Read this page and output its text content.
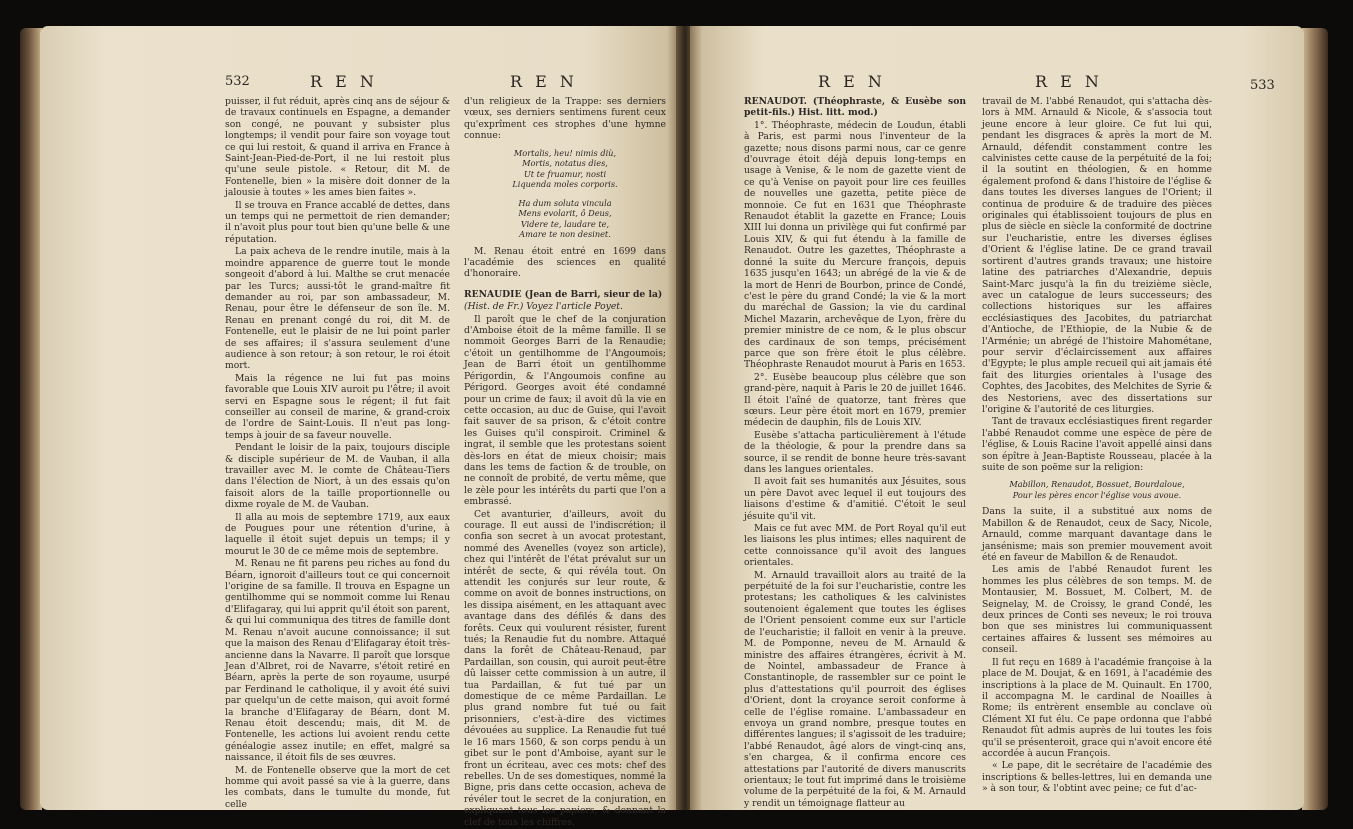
532	R E N	R E N

puisser, il fut réduit, après cinq ans de séjour & de travaux continuels en Espagne, a demander son congé, ne pouvant y subsister plus longtemps; il vendit pour faire son voyage tout ce qui lui restoit, & quand il arriva en France à Saint-Jean-Pied-de-Port, il ne lui restoit plus qu'une seule pistole. « Retour, dit M. de Fontenelle, bien » la misère doit donner de la jalousie à toutes » les ames bien faites ».

Il se trouva en France accablé de dettes, dans un temps qui ne permettoit de rien demander; il n'avoit plus pour tout bien qu'une belle & une réputation.

La paix acheva de le rendre inutile, mais à la moindre apparence de guerre tout le monde songeoit d'abord à lui. Malthe se crut menacée par les Turcs; aussi-tôt le grand-maître fit demander au roi, par son ambassadeur, M. Renau, pour être le défenseur de son île. M. Renau en prenant congé du roi, dit M. de Fontenelle, eut le plaisir de ne lui point parler de ses affaires; il s'assura seulement d'une audience à son retour; à son retour, le roi étoit mort.

Mais la régence ne lui fut pas moins favorable que Louis XIV auroit pu l'être; il avoit servi en Espagne sous le régent; il fut fait conseiller au conseil de marine, & grand-croix de l'ordre de Saint-Louis. Il n'eut pas long-temps à jouir de sa faveur nouvelle.

Pendant le loisir de la paix, toujours disciple & disciple supérieur de M. de Vauban, il alla travailler avec M. le comte de Château-Tiers dans l'élection de Niort, à un des essais qu'on faisoit alors de la taille proportionnelle ou dixme royale de M. de Vauban.

Il alla au mois de septembre 1719, aux eaux de Pougues pour une rétention d'urine, à laquelle il étoit sujet depuis un temps; il y mourut le 30 de ce même mois de septembre.

M. Renau ne fit parens peu riches au fond du Béarn, ignoroit d'ailleurs tout ce qui concernoit l'origine de sa famille. Il trouva en Espagne un gentilhomme qui se nommoit comme lui Renau d'Elifagaray, qui lui apprit qu'il étoit son parent, & qui lui communiqua des titres de famille dont M. Renau n'avoit aucune connoissance; il sut que la maison des Renau d'Elifagaray étoit très-ancienne dans la Navarre. Il paroît que lorsque Jean d'Albret, roi de Navarre, s'étoit retiré en Béarn, après la perte de son royaume, usurpé par Ferdinand le catholique, il y avoit été suivi par quelqu'un de cette maison, qui avoit formé la branche d'Elifagaray de Béarn, dont M. Renau étoit descendu; mais, dit M. de Fontenelle, les actions lui avoient rendu cette généalogie assez inutile; en effet, malgré sa naissance, il étoit fils de ses œuvres.

M. de Fontenelle observe que la mort de cet homme qui avoit passé sa vie à la guerre, dans les combats, dans le tumulte du monde, fut celle

d'un religieux de la Trappe: ses derniers vœux, ses derniers sentimens furent ceux qu'exprîment ces strophes d'une hymne connue:

Mortalis, heu! nimis diù,

Mortis, notatus dies,

Ut te fruamur, nosti

Liquenda moles corporis.

Ha dum soluta vincula

Mens evolarit, ô Deus,

Videre te, laudare te,

Amare te non desinet.

M. Renau étoit entré en 1699 dans l'académie des sciences en qualité d'honoraire.

RENAUDIE (Jean de Barri, sieur de la)

(Hist. de Fr.) Voyez l'article Poyet.

Il paroît que le chef de la conjuration d'Amboise étoit de la même famille. Il se nommoit Georges Barri de la Renaudie; c'étoit un gentilhomme de l'Angoumois; Jean de Barri étoit un gentilhomme Périgordin, & l'Angoumois confine au Périgord. Georges avoit été condamné pour un crime de faux; il avoit dû la vie en cette occasion, au duc de Guise, qui l'avoit fait sauver de sa prison, & c'étoit contre les Guises qu'il conspiroit. Criminel & ingrat, il semble que les protestans soient dès-lors en état de mieux choisir; mais dans les tems de faction & de trouble, on ne connoît de probité, de vertu même, que le zèle pour les intérêts du parti que l'on a embrassé.

Cet avanturier, d'ailleurs, avoit du courage. Il eut aussi de l'indiscrétion; il confia son secret à un avocat protestant, nommé des Avenelles (voyez son article), chez qui l'intérêt de l'état prévalut sur un intérêt de secte, & qui révéla tout. On attendit les conjurés sur leur route, & comme on avoit de bonnes instructions, on les dissipa aisément, en les attaquant avec avantage dans des défilés & dans des forêts. Ceux qui voulurent résister, furent tués; la Renaudie fut du nombre. Attaqué dans la forêt de Château-Renaud, par Pardaillan, son cousin, qui auroit peut-être dû laisser cette commission à un autre, il tua Pardaillan, & fut tué par un domestique de ce même Pardaillan. Le plus grand nombre fut tué ou fait prisonniers, c'est-à-dire des victimes dévouées au supplice. La Renaudie fut tué le 16 mars 1560, & son corps pendu à un gibet sur le pont d'Amboise, ayant sur le front un écriteau, avec ces mots: chef des rebelles. Un de ses domestiques, nommé la Bigne, pris dans cette occasion, acheva de révéler tout le secret de la conjuration, en expliquant tous les papiers, & donnant la clef de tous les chiffres.

R E N	R E N	533

RENAUDOT. (Théophraste, & Eusèbe son petit-fils.) Hist. litt. mod.)

1°. Théophraste, médecin de Loudun, établi à Paris, est parmi nous l'inventeur de la gazette; nous disons parmi nous, car ce genre d'ouvrage étoit déjà depuis long-temps en usage à Venise, & le nom de gazette vient de ce qu'à Venise on payoit pour lire ces feuilles de nouvelles une gazetta, petite pièce de monnoie. Ce fut en 1631 que Théophraste Renaudot établit la gazette en France; Louis XIII lui donna un privilège qui fut confirmé par Louis XIV, & qui fut étendu à la famille de Renaudot. Outre les gazettes, Théophraste a donné la suite du Mercure françois, depuis 1635 jusqu'en 1643; un abrégé de la vie & de la mort de Henri de Bourbon, prince de Condé, c'est le père du grand Condé; la vie & la mort du maréchal de Gassion; la vie du cardinal Michel Mazarin, archevêque de Lyon, frère du premier ministre de ce nom, & le plus obscur des cardinaux de son temps, précisément parce que son frère étoit le plus célèbre. Théophraste Renaudot mourut à Paris en 1653.

2°. Eusèbe beaucoup plus célèbre que son grand-père, naquit à Paris le 20 de juillet 1646. Il étoit l'aîné de quatorze, tant frères que sœurs. Leur père étoit mort en 1679, premier médecin de dauphin, fils de Louis XIV.

Eusèbe s'attacha particulièrement à l'étude de la théologie, & pour la prendre dans sa source, il se rendit de bonne heure très-savant dans les langues orientales.

Il avoit fait ses humanités aux Jésuites, sous un père Davot avec lequel il eut toujours des liaisons d'estime & d'amitié. C'étoit le seul jésuite qu'il vit.

Mais ce fut avec MM. de Port Royal qu'il eut les liaisons les plus intimes; elles naquirent de cette connoissance qu'il avoit des langues orientales.

M. Arnauld travailloit alors au traité de la perpétuité de la foi sur l'eucharistie, contre les protestans; les catholiques & les calvinistes soutenoient également que toutes les églises de l'Orient pensoient comme eux sur l'article de l'eucharistie; il falloit en venir à la preuve. M. de Pomponne, neveu de M. Arnauld & ministre des affaires étrangères, écrivit à M. de Nointel, ambassadeur de France à Constantinople, de rassembler sur ce point le plus d'attestations qu'il pourroit des églises d'Orient, dont la croyance seroit conforme à celle de l'église romaine. L'ambassadeur en envoya un grand nombre, presque toutes en différentes langues; il s'agissoit de les traduire; l'abbé Renaudot, âgé alors de vingt-cinq ans, s'en chargea, & il confirma encore ces attestations par l'autorité de divers manuscrits orientaux; le tout fut imprimé dans le troisième volume de la perpétuité de la foi, & M. Arnauld y rendit un témoignage flatteur au

travail de M. l'abbé Renaudot, qui s'attacha dès-lors à MM. Arnauld & Nicole, & s'associa tout jeune encore à leur gloire. Ce fut lui qui, pendant les disgraces & après la mort de M. Arnauld, défendit constamment contre les calvinistes cette cause de la perpétuité de la foi; il la soutint en théologien, & en homme également profond & dans l'histoire de l'église & dans toutes les diverses langues de l'Orient; il continua de produire & de traduire des pièces originales qui établissoient toujours de plus en plus de siècle en siècle la conformité de doctrine sur l'eucharistie, entre les diverses églises d'Orient & l'église latine. De ce grand travail sortirent d'autres grands travaux; une histoire latine des patriarches d'Alexandrie, depuis Saint-Marc jusqu'à la fin du treizième siècle, avec un catalogue de leurs successeurs; des collections historiques sur les affaires ecclésiastiques des Jacobites, du patriarchat d'Antioche, de l'Ethiopie, de la Nubie & de l'Arménie; un abrégé de l'histoire Mahométane, pour servir d'éclaircissement aux affaires d'Egypte; le plus ample recueil qui ait jamais été fait des liturgies orientales à l'usage des Cophtes, des Jacobites, des Melchites de Syrie & des Nestoriens, avec des dissertations sur l'origine & l'autorité de ces liturgies.

Tant de travaux ecclésiastiques firent regarder l'abbé Renaudot comme une espèce de père de l'église, & Louis Racine l'avoit appellé ainsi dans son épître à Jean-Baptiste Rousseau, placée à la suite de son poëme sur la religion:

Mabillon, Renaudot, Bossuet, Bourdaloue,

Pour les pères encor l'église vous avoue.

Dans la suite, il a substitué aux noms de Mabillon & de Renaudot, ceux de Sacy, Nicole, Arnauld, comme marquant davantage dans le jansénisme; mais son premier mouvement avoit été en faveur de Mabillon & de Renaudot.

Les amis de l'abbé Renaudot furent les hommes les plus célèbres de son temps. M. de Montausier, M. Bossuet, M. Colbert, M. de Seignelay, M. de Croissy, le grand Condé, les deux princes de Conti ses neveux; le roi trouva bon que ses ministres lui communiquassent certaines affaires & lussent ses mémoires au conseil.

Il fut reçu en 1689 à l'académie françoise à la place de M. Doujat, & en 1691, à l'académie des inscriptions à la place de M. Quinault. En 1700, il accompagna M. le cardinal de Noailles à Rome; ils entrèrent ensemble au conclave où Clément XI fut élu. Ce pape ordonna que l'abbé Renaudot fût admis auprès de lui toutes les fois qu'il se présenteroit, grace qui n'avoit encore été accordée à aucun François.

« Le pape, dit le secrétaire de l'académie des inscriptions & belles-lettres, lui en demanda une » à son tour, & l'obtint avec peine; ce fut d'ac-
